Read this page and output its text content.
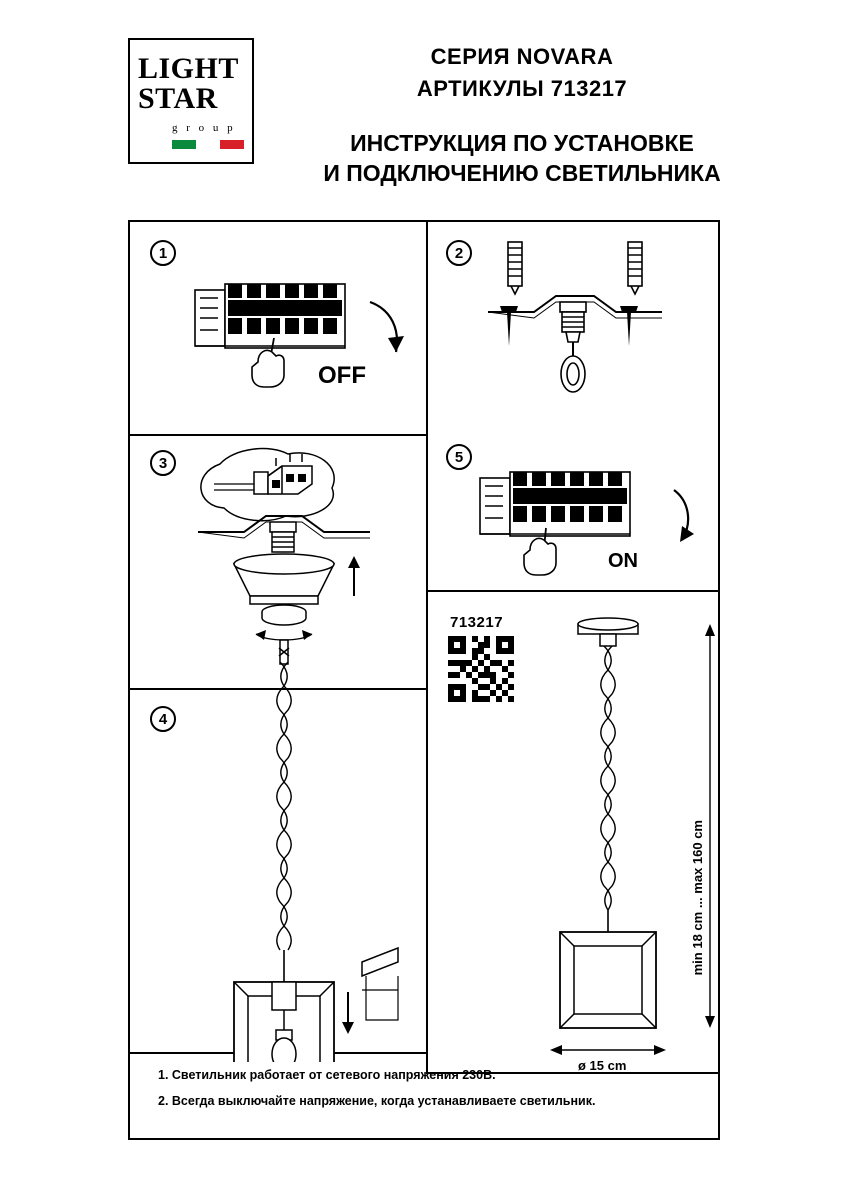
LIGHT
STAR
g r o u p
СЕРИЯ NOVARA
АРТИКУЛЫ 713217
ИНСТРУКЦИЯ ПО УСТАНОВКЕ
И ПОДКЛЮЧЕНИЮ СВЕТИЛЬНИКА
1	2
3
4
5
OFF
ON
713217
min 18 cm ... max 160 cm
ø 15 cm
1. Светильник работает от сетевого напряжения 230В.
2. Всегда выключайте напряжение, когда устанавливаете светильник.
